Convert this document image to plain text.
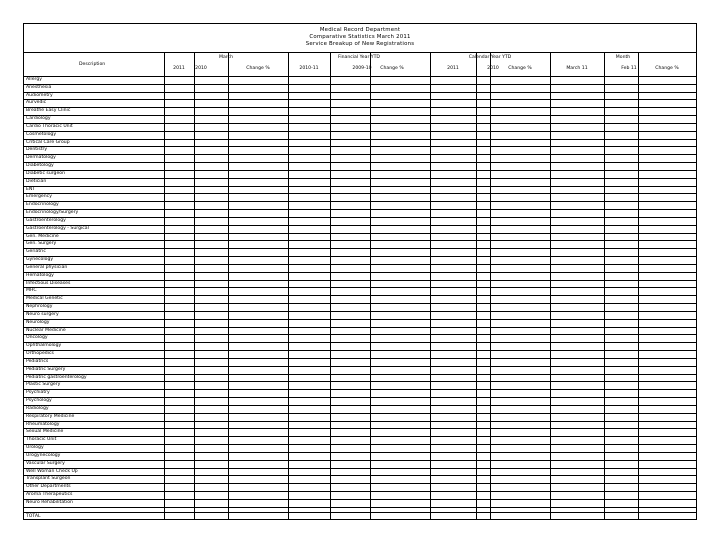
Medical Record Department
Comparative Statistics March 2011
Service Breakup of New Registrations
Description
March	Financial Year YTD	Calendar Year YTD	Month
2011	2010	Change %	2010-11	2009-10	Change %	2011	2010	Change %	March 11	Feb 11	Change %
Allergy
Anesthesia
Audiometry
Aurvedic
Breathe Easy Clinic
Cardiology
Cardio Thoracic Unit
Cosmetology
Critical Care Group
Dentistry
Dermatology
Diabetology
Diabetic surgeon
Dietician
ENT
Emergency
Endocrinology
Endocrinology/Surgery
Gastroenterology
Gastroenterology - Surgical
Gen. Medicine
Gen. Surgery
Geriatric
Gynecology
General physician
Hematology
Infectious Diseases
MHC
Medical Genetic
Nephrology
Neuro surgery
Neurology
Nuclear Medicine
Oncology
Ophthalmology
Orthopedics
Pediatrics
Pediatric Surgery
Pediatric gastroenterology
Plastic Surgery
Psychiatry
Psychology
Radiology
Respiratory Medicine
Rheumatology
Sexual Medicine
Thoracic Unit
Urology
Urogynecology
Vascular Surgery
Well Woman Check Up
Transplant Surgeon
Other Departments
Aroma Therapeutics
Neuro Rehabilitation
TOTAL
